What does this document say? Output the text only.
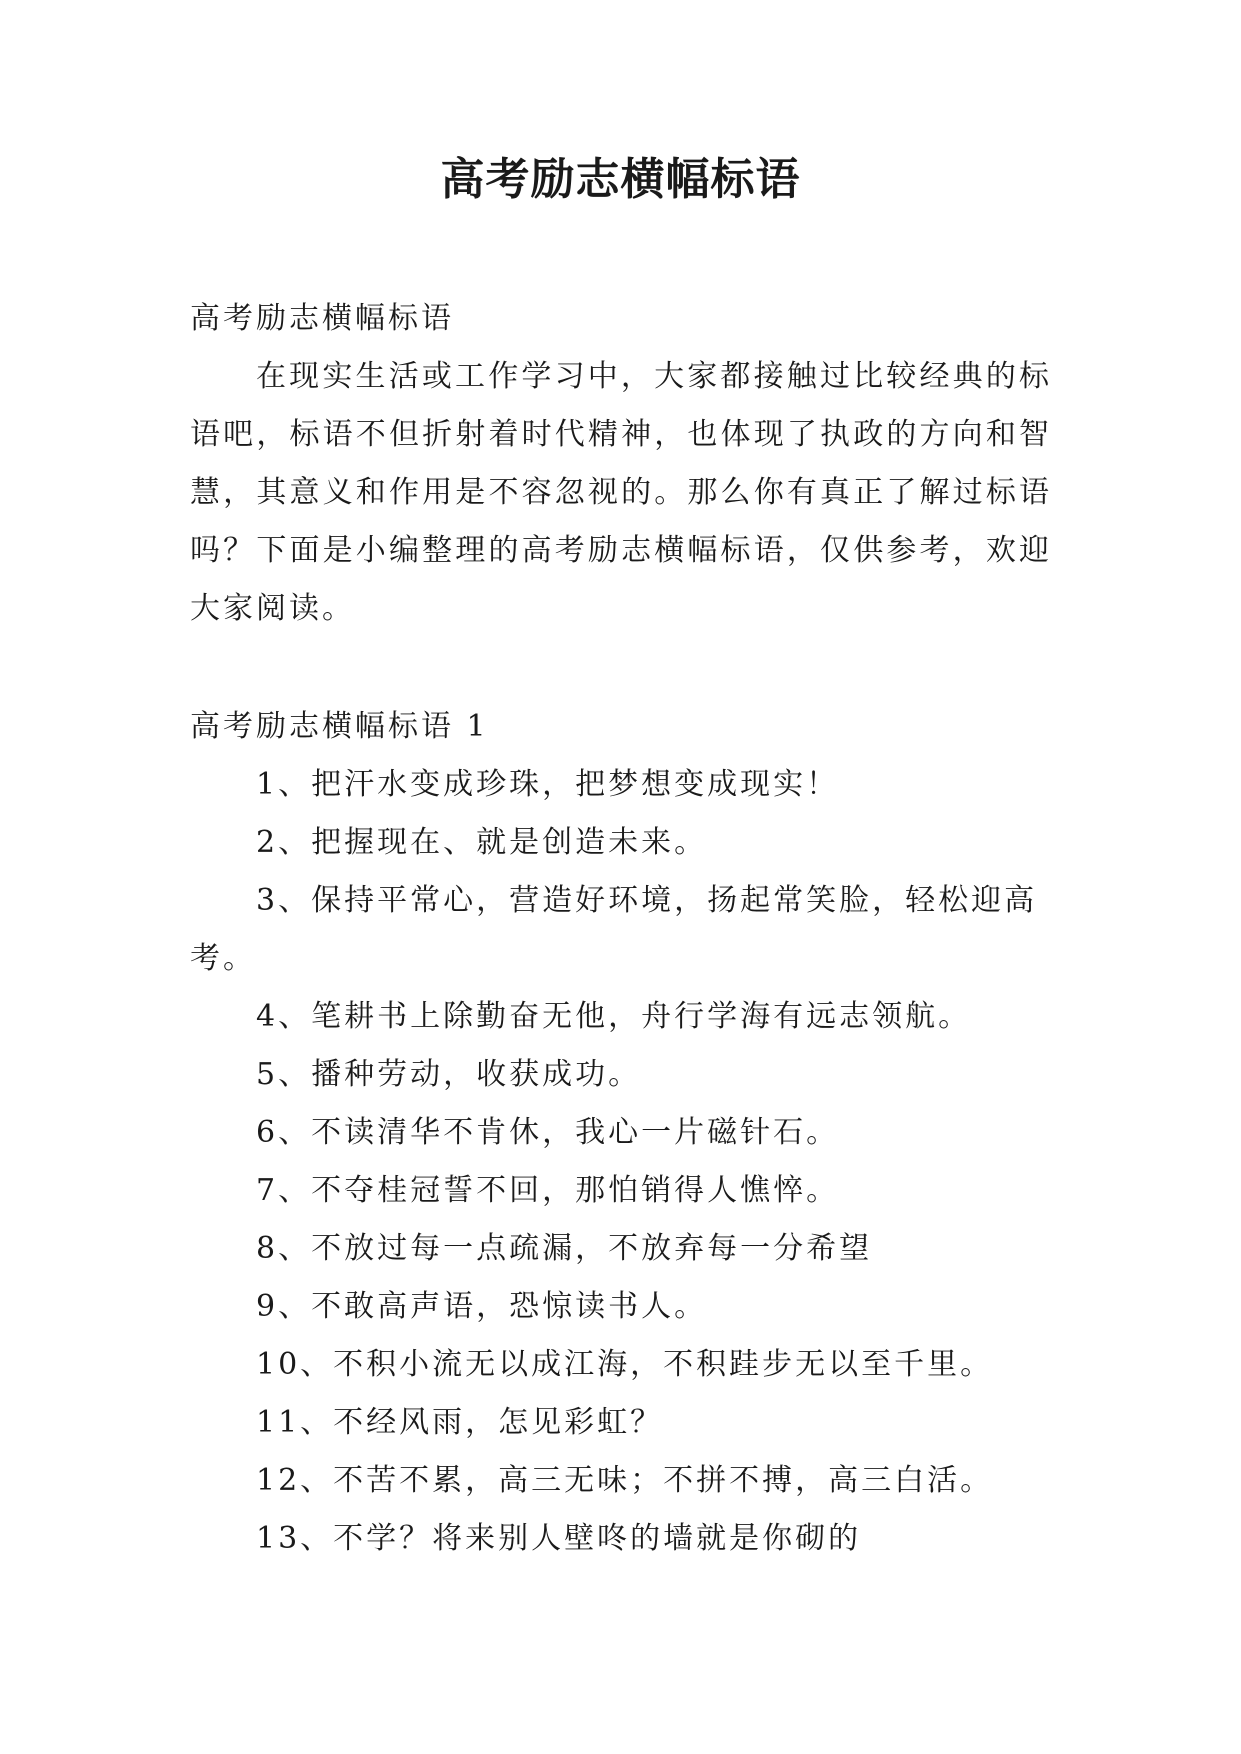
高考励志横幅标语

高考励志横幅标语

在现实生活或工作学习中，大家都接触过比较经典的标语吧，标语不但折射着时代精神，也体现了执政的方向和智慧，其意义和作用是不容忽视的。那么你有真正了解过标语吗？下面是小编整理的高考励志横幅标语，仅供参考，欢迎大家阅读。

高考励志横幅标语 1

1、把汗水变成珍珠，把梦想变成现实！
2、把握现在、就是创造未来。
3、保持平常心，营造好环境，扬起常笑脸，轻松迎高考。
4、笔耕书上除勤奋无他，舟行学海有远志领航。
5、播种劳动，收获成功。
6、不读清华不肯休，我心一片磁针石。
7、不夺桂冠誓不回，那怕销得人憔悴。
8、不放过每一点疏漏，不放弃每一分希望
9、不敢高声语，恐惊读书人。
10、不积小流无以成江海，不积跬步无以至千里。
11、不经风雨，怎见彩虹？
12、不苦不累，高三无味；不拼不搏，高三白活。
13、不学？将来别人壁咚的墙就是你砌的
